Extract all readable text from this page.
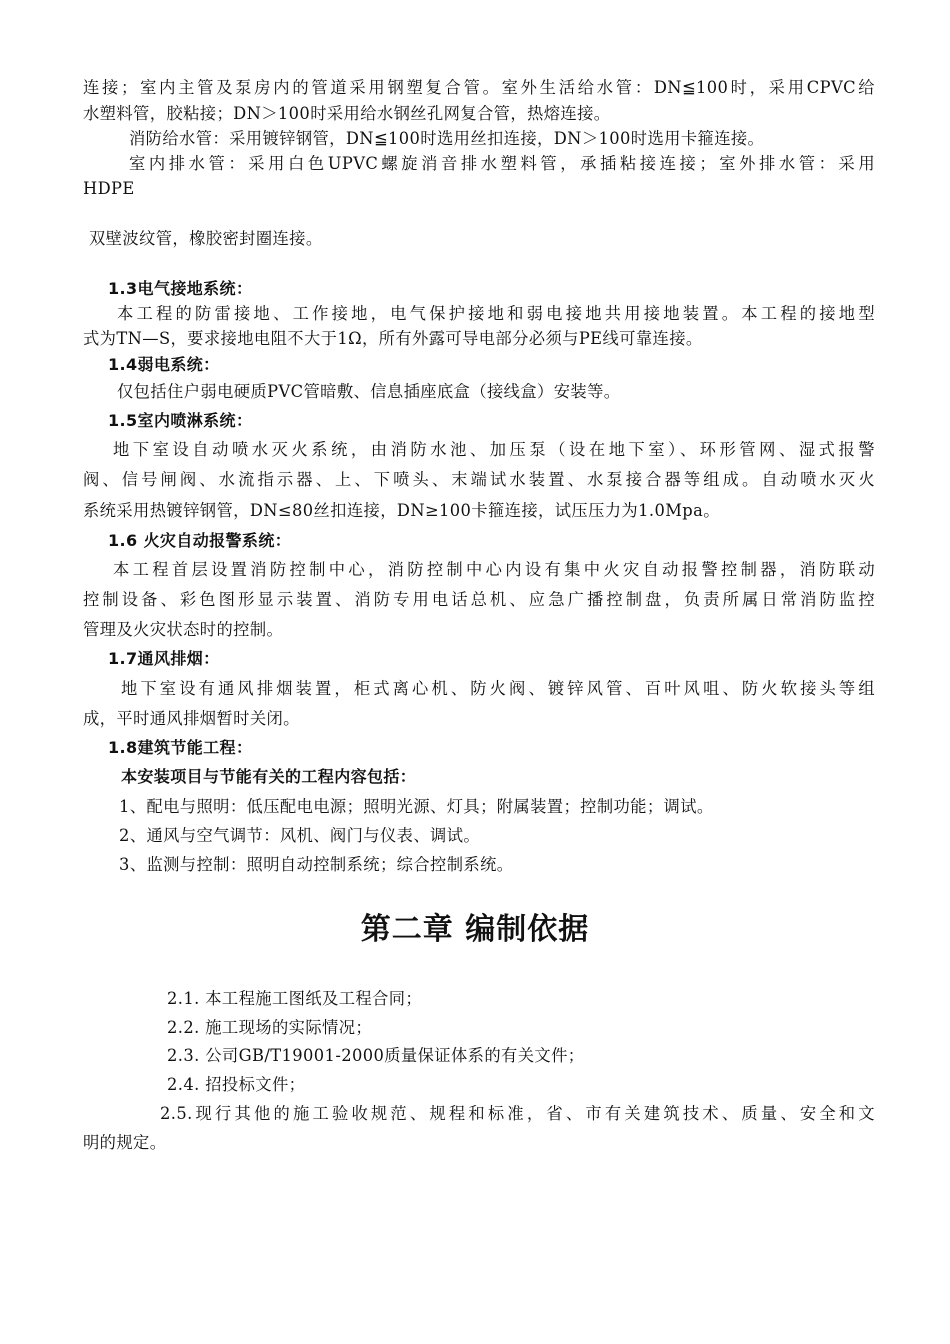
连接；室内主管及泵房内的管道采用钢塑复合管。室外生活给水管：DN≦100时，采用CPVC给
水塑料管，胶粘接；DN＞100时采用给水钢丝孔网复合管，热熔连接。
消防给水管：采用镀锌钢管，DN≦100时选用丝扣连接，DN＞100时选用卡箍连接。
室内排水管：采用白色UPVC螺旋消音排水塑料管，承插粘接连接；室外排水管：采用
HDPE
双壁波纹管，橡胶密封圈连接。
1.3电气接地系统：
本工程的防雷接地、工作接地，电气保护接地和弱电接地共用接地装置。本工程的接地型
式为TN—S，要求接地电阻不大于1Ω，所有外露可导电部分必须与PE线可靠连接。
1.4弱电系统：
仅包括住户弱电硬质PVC管暗敷、信息插座底盒（接线盒）安装等。
1.5室内喷淋系统：
地下室设自动喷水灭火系统，由消防水池、加压泵（设在地下室）、环形管网、湿式报警
阀、信号闸阀、水流指示器、上、下喷头、末端试水装置、水泵接合器等组成。自动喷水灭火
系统采用热镀锌钢管，DN≤80丝扣连接，DN≥100卡箍连接，试压压力为1.0Mpa。
1.6 火灾自动报警系统：
本工程首层设置消防控制中心，消防控制中心内设有集中火灾自动报警控制器，消防联动
控制设备、彩色图形显示装置、消防专用电话总机、应急广播控制盘，负责所属日常消防监控
管理及火灾状态时的控制。
1.7通风排烟：
地下室设有通风排烟装置，柜式离心机、防火阀、镀锌风管、百叶风咀、防火软接头等组
成，平时通风排烟暂时关闭。
1.8建筑节能工程：
本安装项目与节能有关的工程内容包括：
1、配电与照明：低压配电电源；照明光源、灯具；附属装置；控制功能；调试。
2、通风与空气调节：风机、阀门与仪表、调试。
3、监测与控制：照明自动控制系统；综合控制系统。
第二章 编制依据
2.1. 本工程施工图纸及工程合同；
2.2. 施工现场的实际情况；
2.3. 公司GB/T19001-2000质量保证体系的有关文件；
2.4. 招投标文件；
2.5.现行其他的施工验收规范、规程和标准，省、市有关建筑技术、质量、安全和文
明的规定。
